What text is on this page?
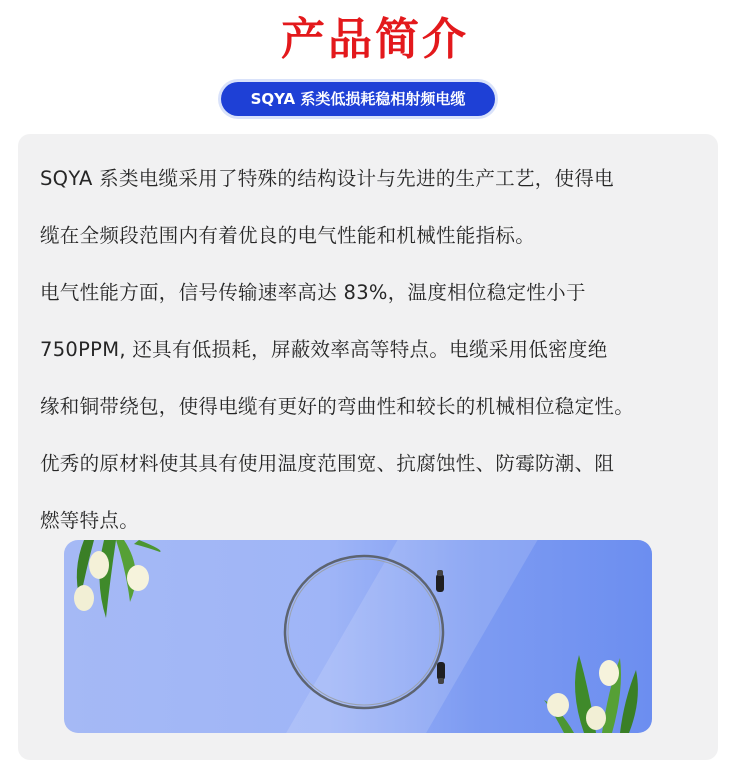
产品简介
SQYA 系类低损耗稳相射频电缆

SQYA 系类电缆采用了特殊的结构设计与先进的生产工艺，使得电

缆在全频段范围内有着优良的电气性能和机械性能指标。

电气性能方面，信号传输速率高达 83%，温度相位稳定性小于

750PPM, 还具有低损耗，屏蔽效率高等特点。电缆采用低密度绝

缘和铜带绕包，使得电缆有更好的弯曲性和较长的机械相位稳定性。

优秀的原材料使其具有使用温度范围宽、抗腐蚀性、防霉防潮、阻

燃等特点。
